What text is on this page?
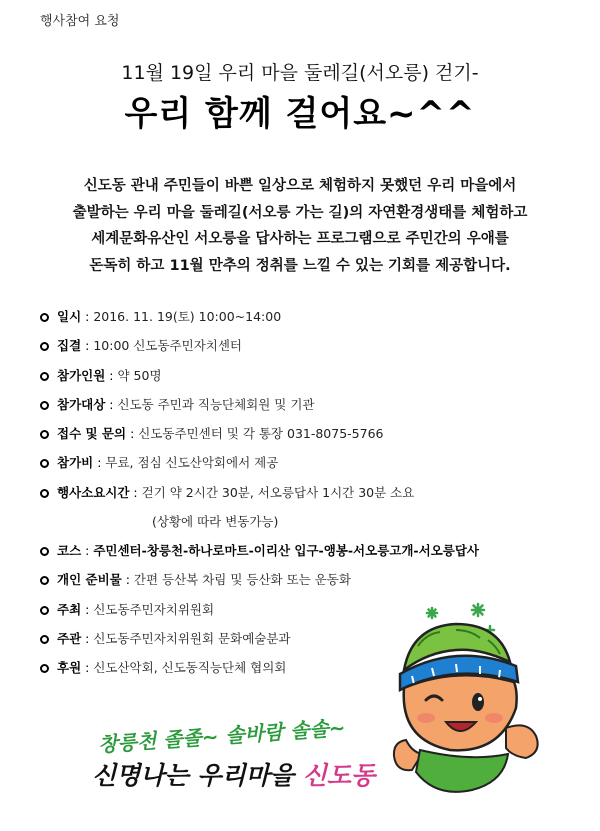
행사참여 요청
11월 19일 우리 마을 둘레길(서오릉) 걷기-
우리 함께 걸어요~^^
신도동 관내 주민들이 바쁜 일상으로 체험하지 못했던 우리 마을에서
출발하는 우리 마을 둘레길(서오릉 가는 길)의 자연환경생태를 체험하고
세계문화유산인 서오릉을 답사하는 프로그램으로 주민간의 우애를
돈독히 하고 11월 만추의 정취를 느낄 수 있는 기회를 제공합니다.
일시 : 2016. 11. 19(토) 10:00~14:00
집결 : 10:00 신도동주민자치센터
참가인원 : 약 50명
참가대상 : 신도동 주민과 직능단체회원 및 기관
접수 및 문의 : 신도동주민센터 및 각 통장 031-8075-5766
참가비 : 무료, 점심 신도산악회에서 제공
행사소요시간 : 걷기 약 2시간 30분, 서오릉답사 1시간 30분 소요
(상황에 따라 변동가능)
코스 : 주민센터-창릉천-하나로마트-이리산 입구-앵봉-서오릉고개-서오릉답사
개인 준비물 : 간편 등산복 차림 및 등산화 또는 운동화
주최 : 신도동주민자치위원회
주관 : 신도동주민자치위원회 문화예술분과
후원 : 신도산악회, 신도동직능단체 협의회
창릉천 졸졸~ 솔바람 솔솔~
신명나는 우리마을 신도동
